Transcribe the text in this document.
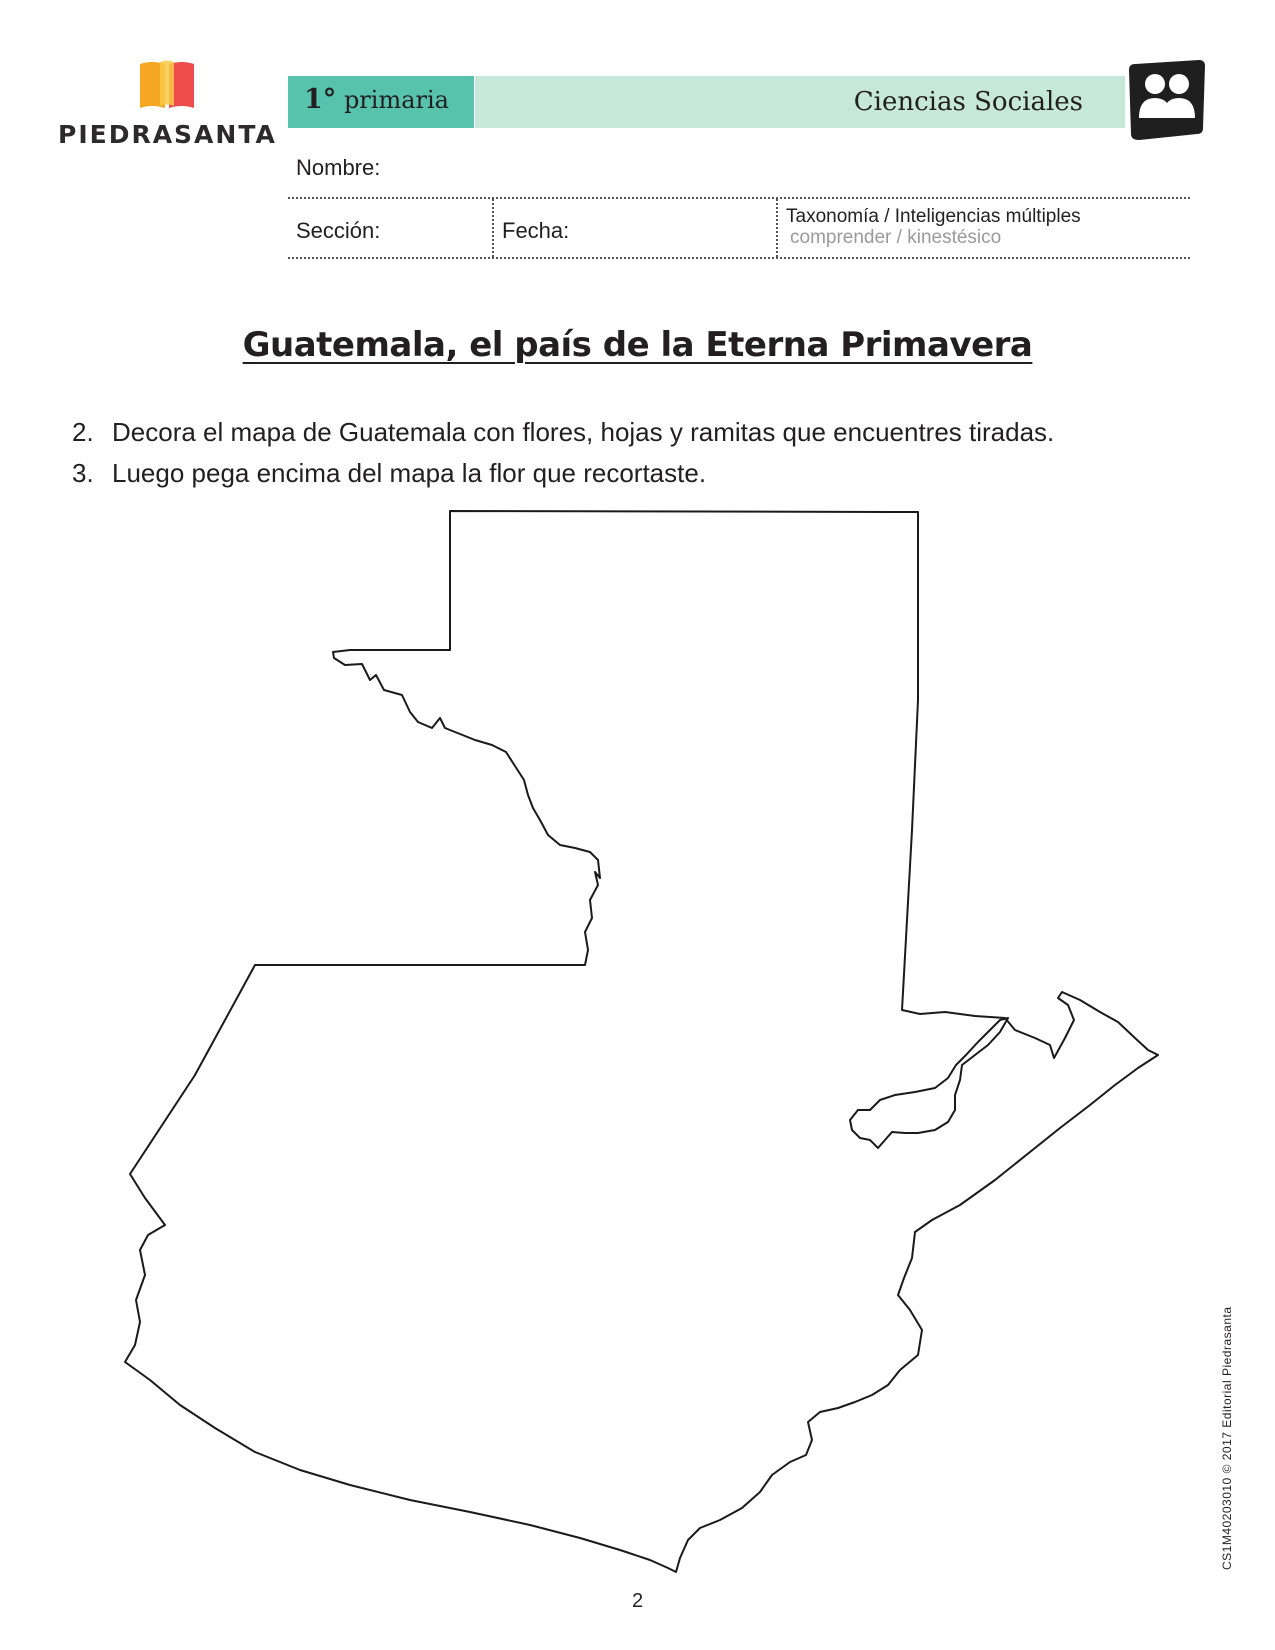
PIEDRASANTA
1° primaria	Ciencias Sociales
Nombre:
Sección:	Fecha:
Taxonomía / Inteligencias múltiples
comprender / kinestésico
Guatemala, el país de la Eterna Primavera
2. Decora el mapa de Guatemala con flores, hojas y ramitas que encuentres tiradas.
3. Luego pega encima del mapa la flor que recortaste.
CS1M40203010 © 2017 Editorial Piedrasanta
2
